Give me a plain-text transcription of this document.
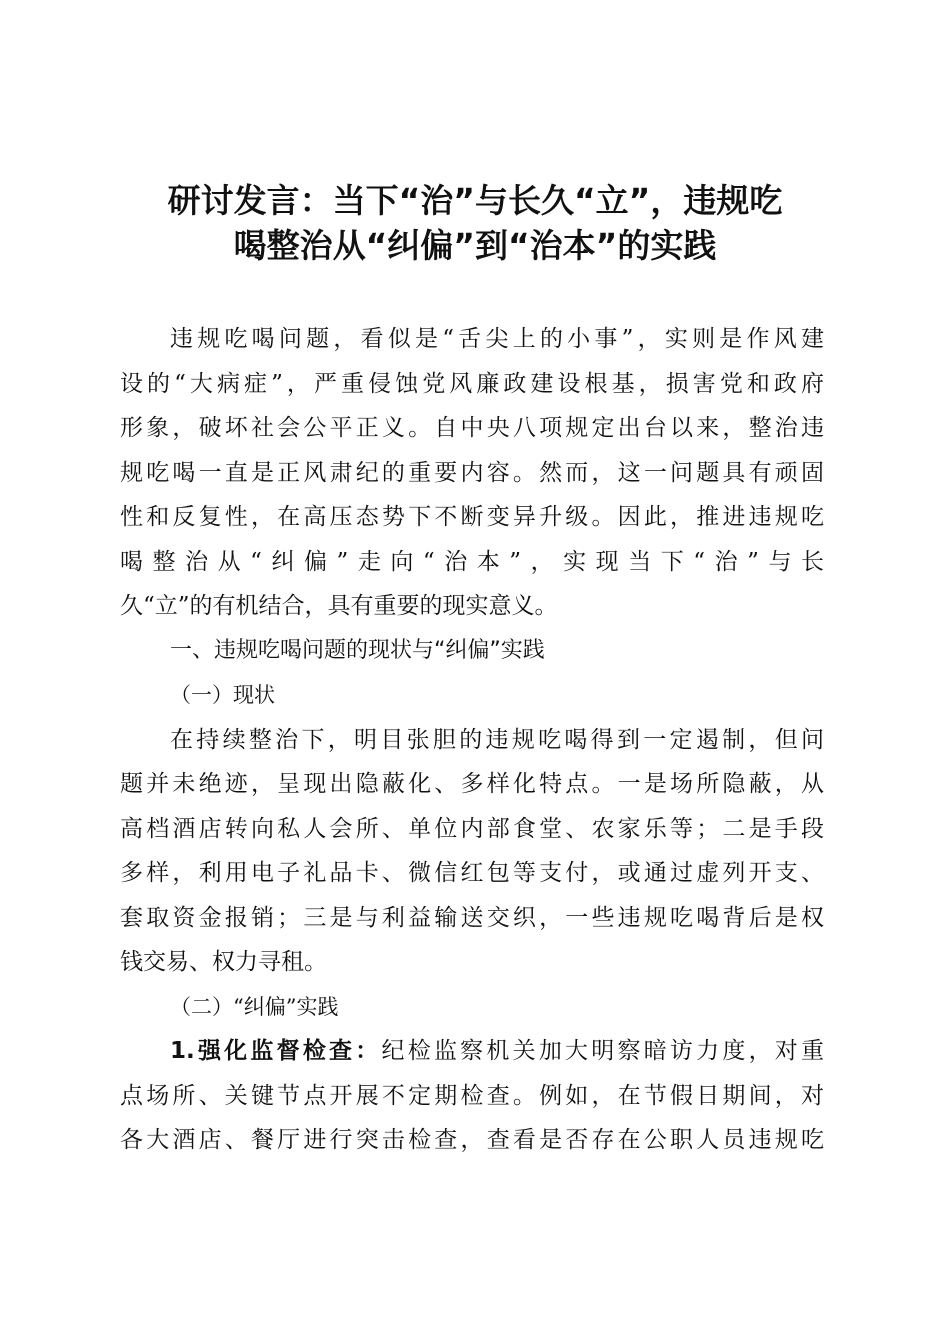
研讨发言：当下“治”与长久“立”，违规吃
喝整治从“纠偏”到“治本”的实践
违规吃喝问题，看似是“舌尖上的小事”，实则是作风建
设的“大病症”，严重侵蚀党风廉政建设根基，损害党和政府
形象，破坏社会公平正义。自中央八项规定出台以来，整治违
规吃喝一直是正风肃纪的重要内容。然而，这一问题具有顽固
性和反复性，在高压态势下不断变异升级。因此，推进违规吃
喝整治从“纠偏”走向“治本”，实现当下“治”与长
久“立”的有机结合，具有重要的现实意义。
一、违规吃喝问题的现状与“纠偏”实践
（一）现状
在持续整治下，明目张胆的违规吃喝得到一定遏制，但问
题并未绝迹，呈现出隐蔽化、多样化特点。一是场所隐蔽，从
高档酒店转向私人会所、单位内部食堂、农家乐等；二是手段
多样，利用电子礼品卡、微信红包等支付，或通过虚列开支、
套取资金报销；三是与利益输送交织，一些违规吃喝背后是权
钱交易、权力寻租。
（二）“纠偏”实践
1.强化监督检查：纪检监察机关加大明察暗访力度，对重
点场所、关键节点开展不定期检查。例如，在节假日期间，对
各大酒店、餐厅进行突击检查，查看是否存在公职人员违规吃
